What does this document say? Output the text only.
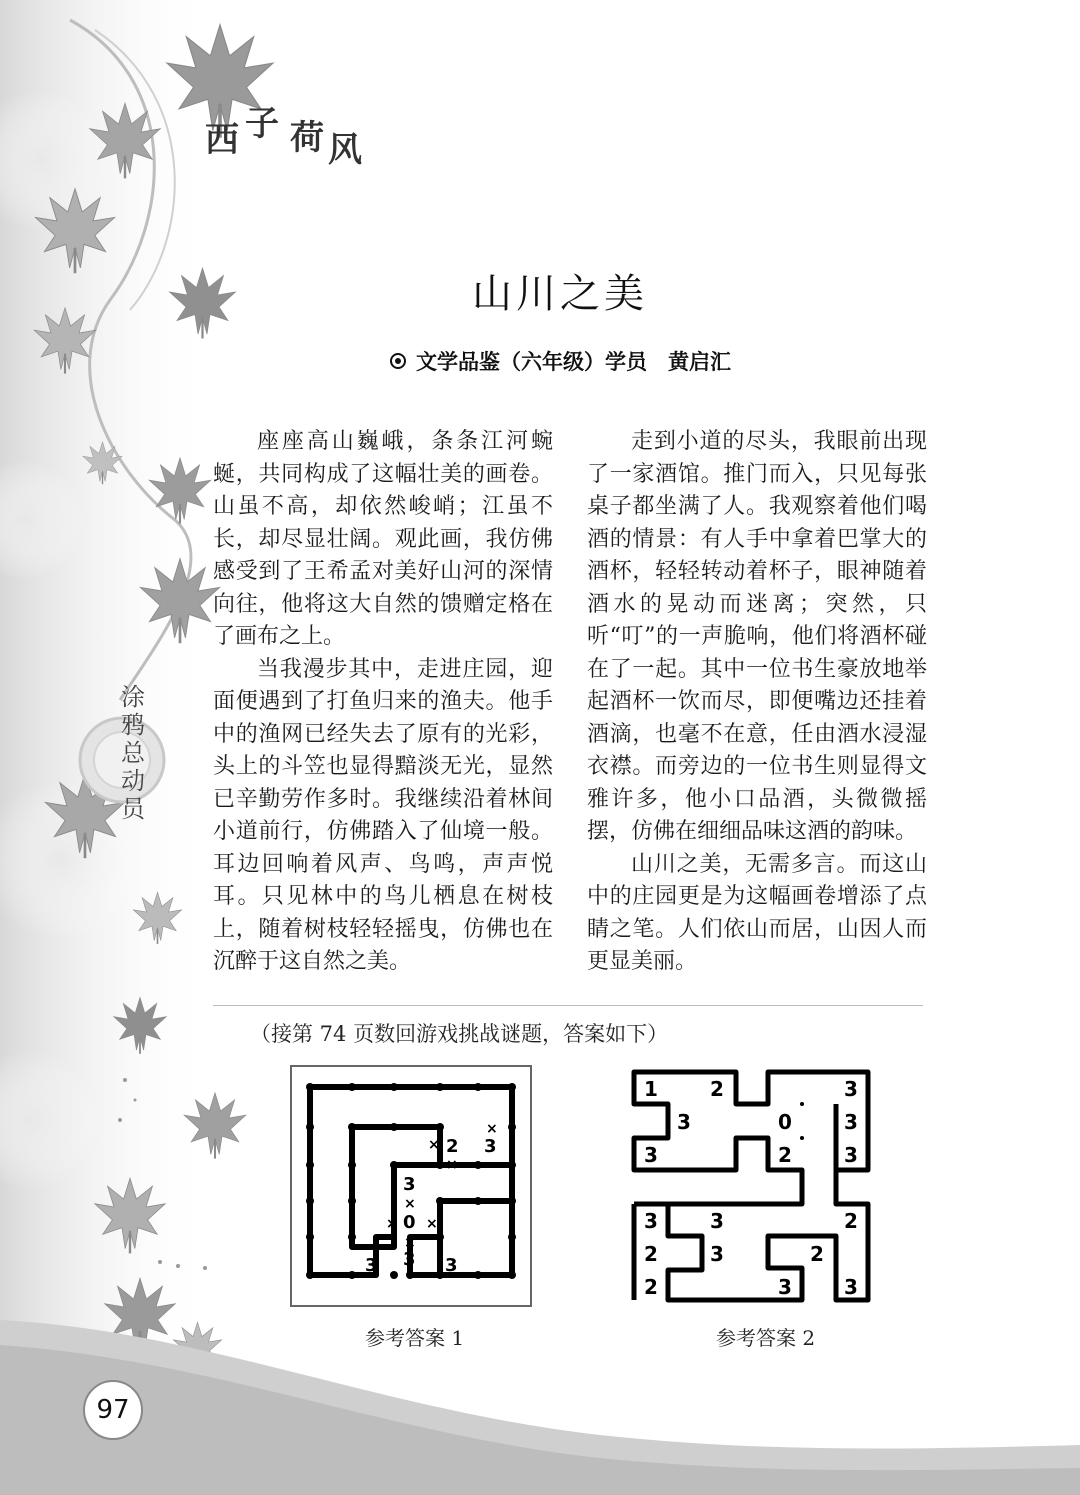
西 子 荷 风
山川之美
文学品鉴（六年级）学员　黄启汇

座座高山巍峨，条条江河蜿蜒，共同构成了这幅壮美的画卷。山虽不高，却依然峻峭；江虽不长，却尽显壮阔。观此画，我仿佛感受到了王希孟对美好山河的深情向往，他将这大自然的馈赠定格在了画布之上。

当我漫步其中，走进庄园，迎面便遇到了打鱼归来的渔夫。他手中的渔网已经失去了原有的光彩，头上的斗笠也显得黯淡无光，显然已辛勤劳作多时。我继续沿着林间小道前行，仿佛踏入了仙境一般。耳边回响着风声、鸟鸣，声声悦耳。只见林中的鸟儿栖息在树枝上，随着树枝轻轻摇曳，仿佛也在沉醉于这自然之美。

走到小道的尽头，我眼前出现了一家酒馆。推门而入，只见每张桌子都坐满了人。我观察着他们喝酒的情景：有人手中拿着巴掌大的酒杯，轻轻转动着杯子，眼神随着酒水的晃动而迷离；突然，只听“叮”的一声脆响，他们将酒杯碰在了一起。其中一位书生豪放地举起酒杯一饮而尽，即便嘴边还挂着酒滴，也毫不在意，任由酒水浸湿衣襟。而旁边的一位书生则显得文雅许多，他小口品酒，头微微摇摆，仿佛在细细品味这酒的韵味。

山川之美，无需多言。而这山中的庄园更是为这幅画卷增添了点睛之笔。人们依山而居，山因人而更显美丽。

（接第 74 页数回游戏挑战谜题，答案如下）
2 3
3
0
3
3	3
×
×
×
×
× ×
×
参考答案 1
1	2	3
3	0	3
3	2	3
3	3	2
2	3	2
2	3	3
参考答案 2
涂
鸦
总
动
员
97
